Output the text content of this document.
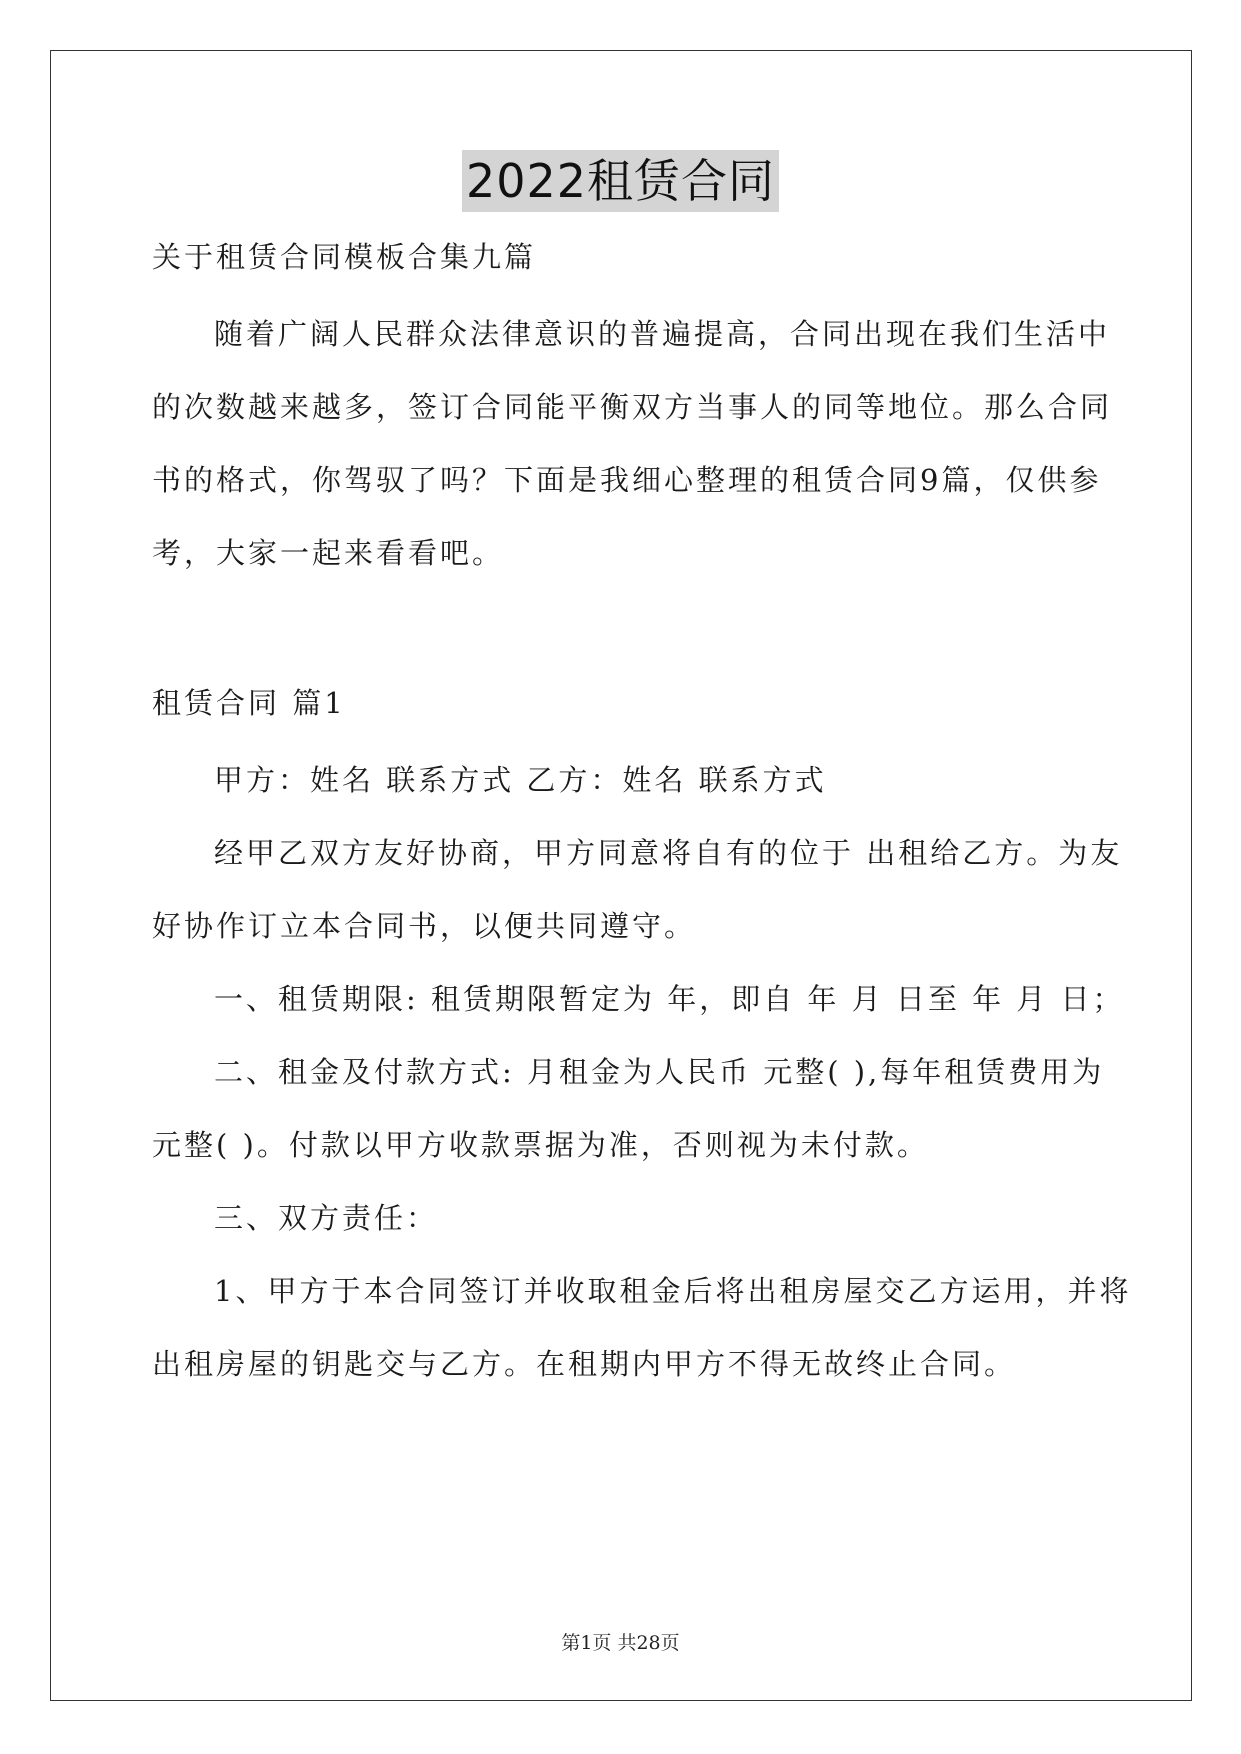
2022租赁合同
关于租赁合同模板合集九篇
随着广阔人民群众法律意识的普遍提高，合同出现在我们生活中
的次数越来越多，签订合同能平衡双方当事人的同等地位。那么合同
书的格式，你驾驭了吗？下面是我细心整理的租赁合同9篇，仅供参
考，大家一起来看看吧。
租赁合同 篇1
甲方：姓名 联系方式 乙方：姓名 联系方式
经甲乙双方友好协商，甲方同意将自有的位于 出租给乙方。为友
好协作订立本合同书，以便共同遵守。
一、租赁期限: 租赁期限暂定为 年，即自 年 月 日至 年 月 日；
二、租金及付款方式: 月租金为人民币 元整( ),每年租赁费用为
元整( )。付款以甲方收款票据为准，否则视为未付款。
三、双方责任：
1、甲方于本合同签订并收取租金后将出租房屋交乙方运用，并将
出租房屋的钥匙交与乙方。在租期内甲方不得无故终止合同。
第1页 共28页
